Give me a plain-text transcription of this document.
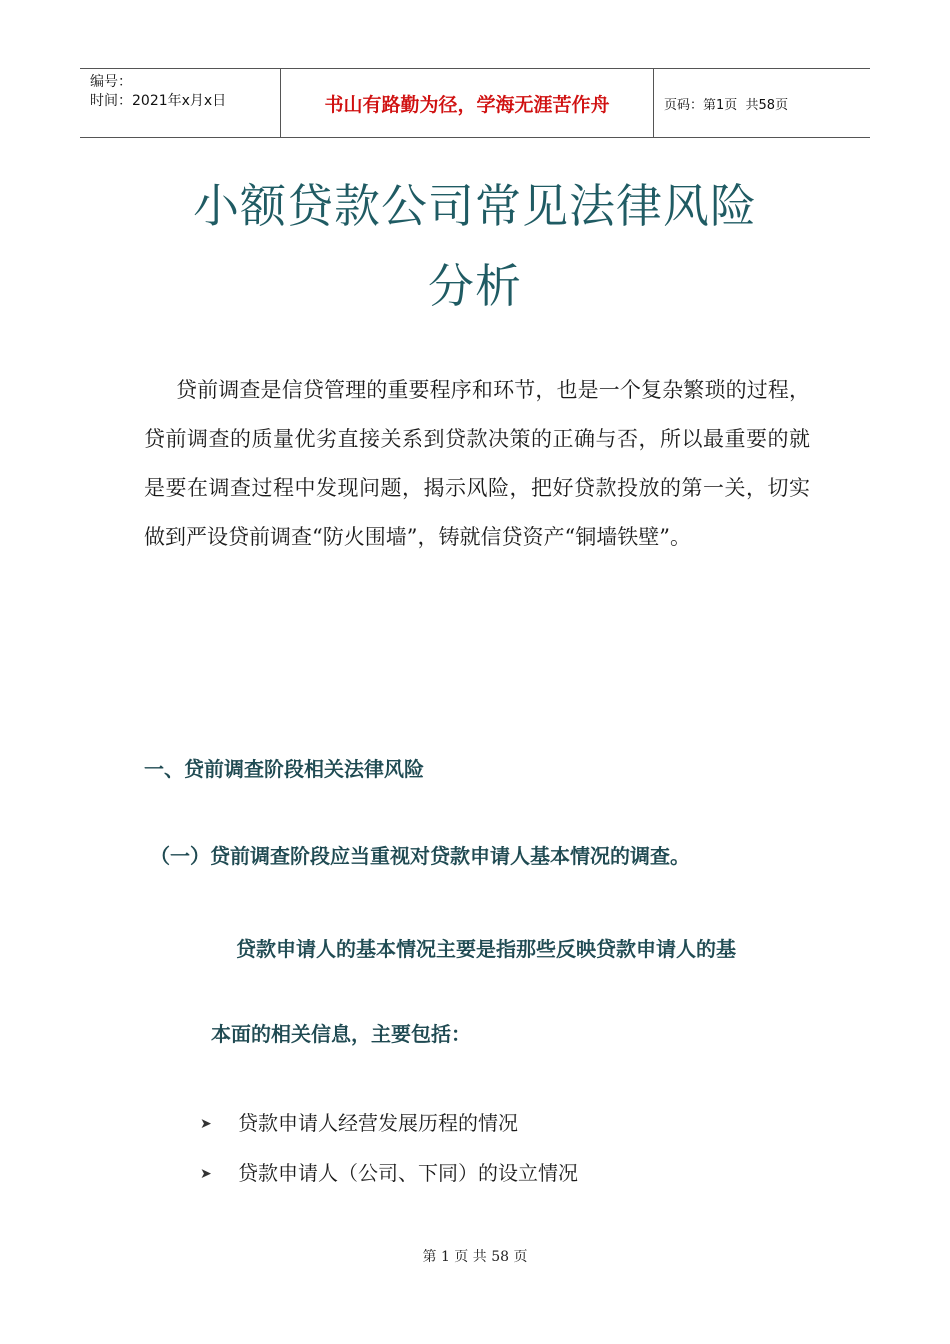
编号：
时间：2021年x月x日	书山有路勤为径，学海无涯苦作舟	页码：第1页  共58页
小额贷款公司常见法律风险
分析
贷前调查是信贷管理的重要程序和环节，也是一个复杂繁琐的过程，贷前调查的质量优劣直接关系到贷款决策的正确与否，所以最重要的就是要在调查过程中发现问题，揭示风险，把好贷款投放的第一关，切实做到严设贷前调查“防火围墙”，铸就信贷资产“铜墙铁壁”。
一、贷前调查阶段相关法律风险
（一）贷前调查阶段应当重视对贷款申请人基本情况的调查。
贷款申请人的基本情况主要是指那些反映贷款申请人的基
本面的相关信息，主要包括：
➤ 贷款申请人经营发展历程的情况
➤ 贷款申请人（公司、下同）的设立情况
第 1 页 共 58 页
